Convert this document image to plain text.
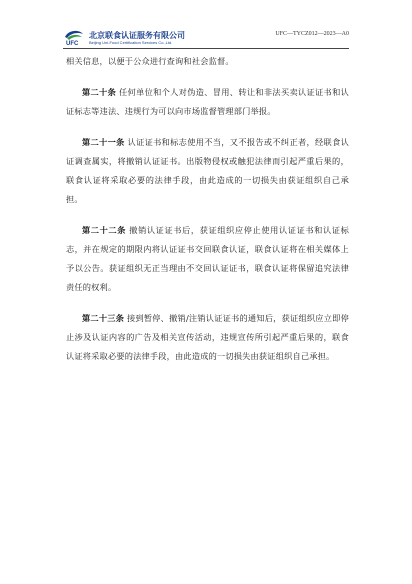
UFC
北京联食认证服务有限公司
Beijing Uni-Food Certification Services Co.,Ltd.
UFC—TYCZ012—2023—A0

相关信息，以便于公众进行查询和社会监督。

第二十条 任何单位和个人对伪造、冒用、转让和非法买卖认证证书和认证标志等违法、违规行为可以向市场监督管理部门举报。

第二十一条 认证证书和标志使用不当，又不报告或不纠正者，经联食认证调查属实，将撤销认证证书。出版物侵权或触犯法律而引起严重后果的，联食认证将采取必要的法律手段，由此造成的一切损失由获证组织自己承担。

第二十二条 撤销认证证书后，获证组织应停止使用认证证书和认证标志，并在规定的期限内将认证证书交回联食认证，联食认证将在相关媒体上予以公告。获证组织无正当理由不交回认证证书，联食认证将保留追究法律责任的权利。

第二十三条 接到暂停、撤销/注销认证证书的通知后，获证组织应立即停止涉及认证内容的广告及相关宣传活动，违规宣传所引起严重后果的，联食认证将采取必要的法律手段，由此造成的一切损失由获证组织自己承担。
